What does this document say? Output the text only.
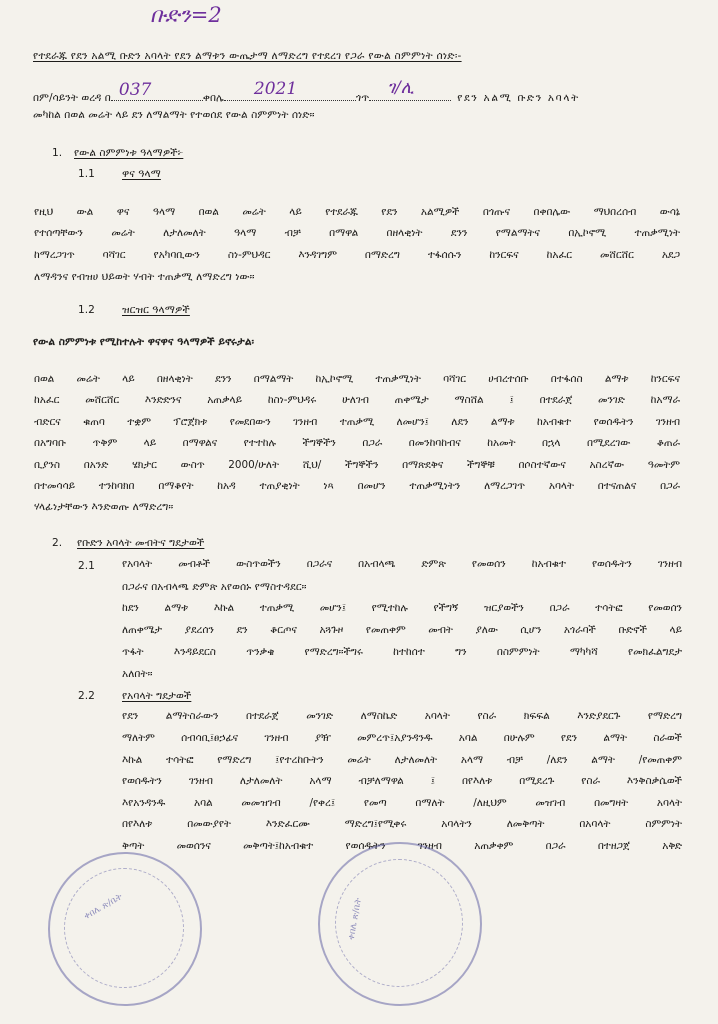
ቡድን=2
የተደራጁ የደን አልሚ ቡድን አባላት የደን ልማቱን ውጤታማ ለማድረግ የተደረገ የጋራ የውል ስምምነት ሰነድ፡-
በም/ሳይንት ወረዳ በ 037	ቀበሌ 2021	ጎጥ ገ/ሊ	የደን አልሚ ቡድን አባላት
መካከል በወል መሬት ላይ ደን ለማልማት የተወሰደ የውል ስምምነት ሰነድ።
1. የውል ስምምነቱ ዓላማዎች፦
1.1	ዋና ዓላማ
የዚህ ውል ዋና ዓላማ በወል መሬት ላይ የተደራጁ የደን አልሚዎች በጎጡና በቀበሌው ማህበረሰብ ውሳኔ
የተሰጣቸውን መሬት ለታለመለት ዓላማ ብቻ በማዋል በዘላቂነት ደንን የማልማትና በኢኮኖሚ ተጠቃሚነት
ከማረጋገጥ ባሻገር የአካባቢውን ስነ-ምህዳር እንዳገግም በማድረግ ተፋሰሱን ከንርፍና ከአፈር መሸርሸር አደጋ
ለማዳንና የብዝሀ ህይወት ሃብት ተጠቃሚ ለማድረግ ነው።
1.2	ዝርዝር ዓላማዎች
የውል ስምምነቱ የሚከተሉት ዋናዋና ዓላማዎች ይኖሩታል፡
በወል መሬት ላይ በዘላቂነት ደንን በማልማት ከኢኮኖሚ ተጠቃሚነት ባሻገር ሀብረተሰቡ በተፋሰስ ልማቱ ከንርፍና
ከአፈር መሸርሸር እንድድንና አጠቃላይ ከስነ-ምህዳሩ ሁለገብ ጠቀሜታ ማስሸል ፤ በተደራጀ መንገድ ከአማራ
ብድርና ቁጠባ ተቋም ፕሮጀክቱ የመደበውን ገንዘብ ተጠቃሚ ለመሆን፤ ለደን ልማቱ ከአብቁተ የወሰዱትን ገንዘብ
በአግባቡ ጥቅም ላይ በማዋልና የተተከሉ ችግኞችን በጋራ በመንከባከብና ከአመት በኋላ በሚደረገው ቆጠራ
ቢያንስ በአንድ ሄክታር ውስጥ 2000/ሁለት ሺህ/ ችግኞችን በማጽደቅና ችግኞቹ በሶስተኛውና አስረኛው ዓመትም
በተመሳሳይ ተንከባክበ በማቆየት ከአዳ ተጠያቂነት ነጻ በመሆን ተጠቃሚነትን ለማረጋገጥ አባላት በተናጠልና በጋራ
ሃላፊነታቸውን እንድወጡ ለማድረግ።
2. የቡድን አባላት መብትና ግደታወች
2.1	የአባላት መብቶች ውስጥወችን በጋራና በአብላጫ ድምጽ የመወሰን ከአብቁተ የወሰዱትን ገንዘብ
በጋራና በአብላጫ ድምጽ አየወሰኑ የማስተዳደር።
ከደን ልማቱ እኩል ተጠቃሚ መሆን፤ የሚተከሉ የችግኝ ዝርያወችን በጋራ ተሳትፎ የመወሰን
ለጠቀሜታ ያደረሰን ደን ቆርጦና አጓጉዞ የመጠቀም መብት ያለው ሲሆን አጎራባች ቡድኖች ላይ
ጥፋት እንዳይደርስ ጥንቃቄ የማድረግ።ችግሩ ከተከሰተ ግን በስምምነት ማካካሻ የመክፈልግደታ
አለበት።
2.2	የአባላት ግደታወች
የደን ልማትስራውን በተደራጀ መንገድ ለማስኬድ አባላት የስራ ክፍፍል እንድያደርጉ የማድረግ
ማለትም ሰብሳቢ፤ፀኃፊና ገንዘብ ያዥ መምረጥ፤አያንዳንዱ አባል በሁሉም የደን ልማት ስራወች
እኩል ተሳትፎ የማድረግ ፤የተረከቡትን መሬት ለታለመለት አላማ ብቻ /ለደን ልማት /የመጠቀም
የወሰዱትን ገንዘብ ለታለመለት አላማ ብቻለማዋል ፤ በየእለቱ በሚደረጉ የስራ እንቅስቃሴወች
እየአንዳንዱ አባል መመዝገብ /የቀረ፤ የመጣ በማለት /ለዚህም መዝገብ በመግዛት አባላት
በየእለቱ በመውያየት እንድፈርሙ ማድረግ፤የሚቀሩ አባላትን ለመቅጣት በአባላት ስምምነት
ቅጣት መወሰንና መቅጣት፤ከአብቁተ የወሰዱትን ገንዘብ አጠቃቀም በጋራ በተዘጋጀ አቅድ
ቀበሌ ጽ/ቤት	ቀበሌ ጽ/ቤት
